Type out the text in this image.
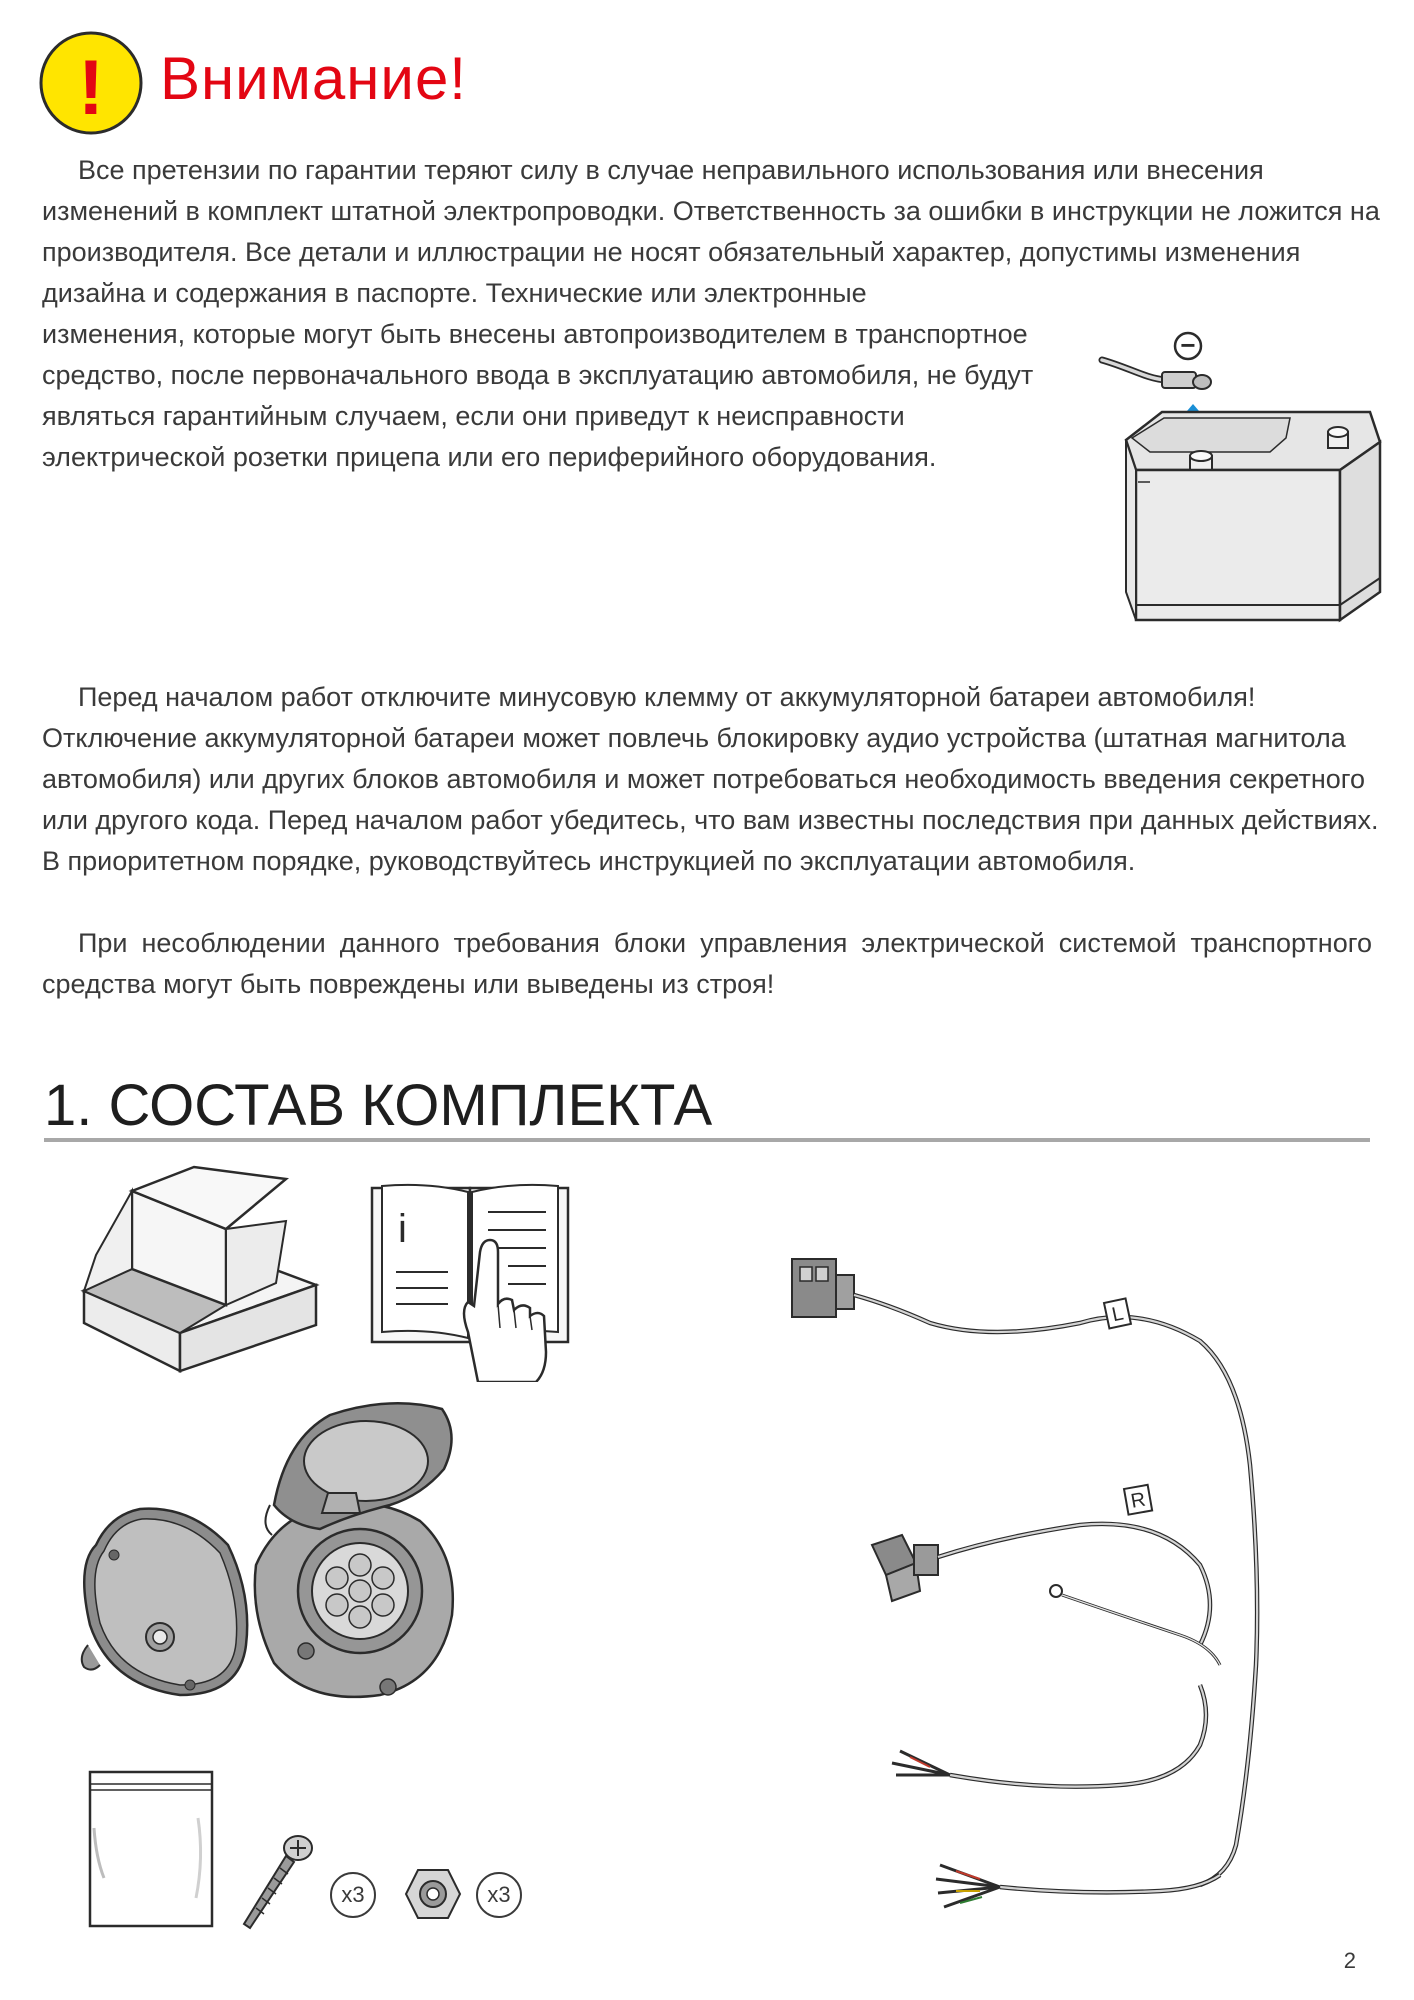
! Внимание!

Все претензии по гарантии теряют силу в случае неправильного использования или внесения изменений в комплект штатной электропроводки. Ответственность за ошибки в инструкции не ложится на производителя. Все детали и иллюстрации не носят обязательный характер, допустимы изменения дизайна и содержания в паспорте. Технические или электронные

изменения, которые могут быть внесены автопроизводителем в транспортное средство, после первоначального ввода в эксплуатацию автомобиля, не будут являться гарантийным случаем, если они приведут к неисправности электрической розетки прицепа или его периферийного оборудования.

−

Перед началом работ отключите минусовую клемму от аккумуляторной батареи автомобиля! Отключение аккумуляторной батареи может повлечь блокировку аудио устройства (штатная магнитола автомобиля) или других блоков автомобиля и может потребоваться необходимость введения секретного или другого кода. Перед началом работ убедитесь, что вам известны последствия при данных действиях. В приоритетном порядке, руководствуйтесь инструкцией по эксплуатации автомобиля.

При несоблюдении данного требования блоки управления электрической системой транспортного средства могут быть повреждены или выведены из строя!

1. СОСТАВ КОМПЛЕКТА
i
x3	x3
L
R
2
